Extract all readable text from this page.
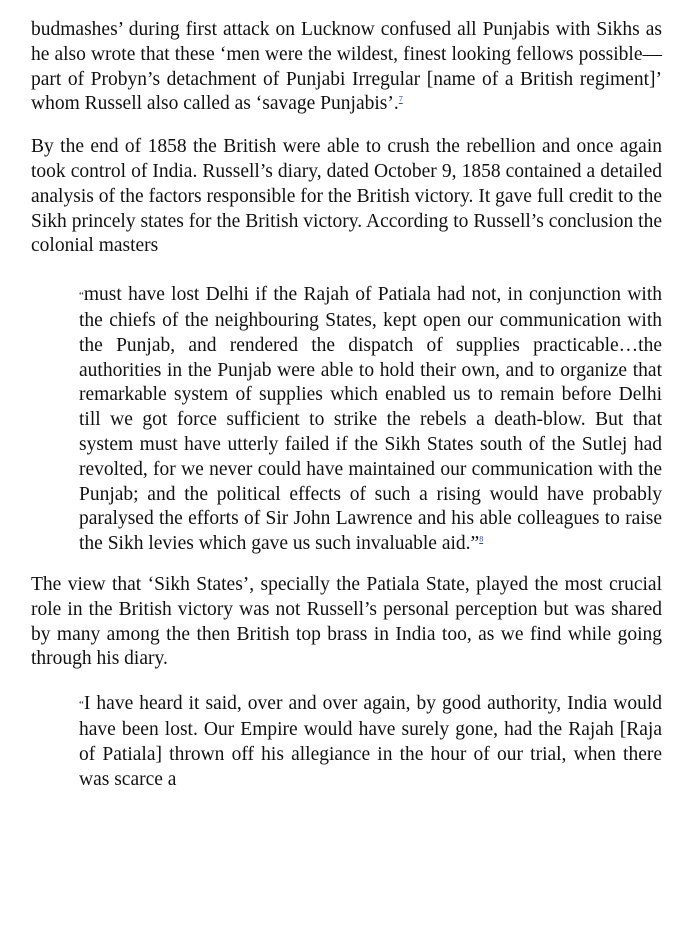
budmashes’ during first attack on Lucknow confused all Punjabis with Sikhs as he also wrote that these ‘men were the wildest, finest looking fellows possible—part of Probyn’s detachment of Punjabi Irregular [name of a British regiment]’ whom Russell also called as ‘savage Punjabis’.$^7$

By the end of 1858 the British were able to crush the rebellion and once again took control of India. Russell’s diary, dated October 9, 1858 contained a detailed analysis of the factors responsible for the British victory. It gave full credit to the Sikh princely states for the British victory. According to Russell’s conclusion the colonial masters

“must have lost Delhi if the Rajah of Patiala had not, in conjunction with the chiefs of the neighbouring States, kept open our communication with the Punjab, and rendered the dispatch of supplies practicable…the authorities in the Punjab were able to hold their own, and to organize that remarkable system of supplies which enabled us to remain before Delhi till we got force sufficient to strike the rebels a death-blow. But that system must have utterly failed if the Sikh States south of the Sutlej had revolted, for we never could have maintained our communication with the Punjab; and the political effects of such a rising would have probably paralysed the efforts of Sir John Lawrence and his able colleagues to raise the Sikh levies which gave us such invaluable aid.”$^8$

The view that ‘Sikh States’, specially the Patiala State, played the most crucial role in the British victory was not Russell’s personal perception but was shared by many among the then British top brass in India too, as we find while going through his diary.

“I have heard it said, over and over again, by good authority, India would have been lost. Our Empire would have surely gone, had the Rajah [Raja of Patiala] thrown off his allegiance in the hour of our trial, when there was scarce a
